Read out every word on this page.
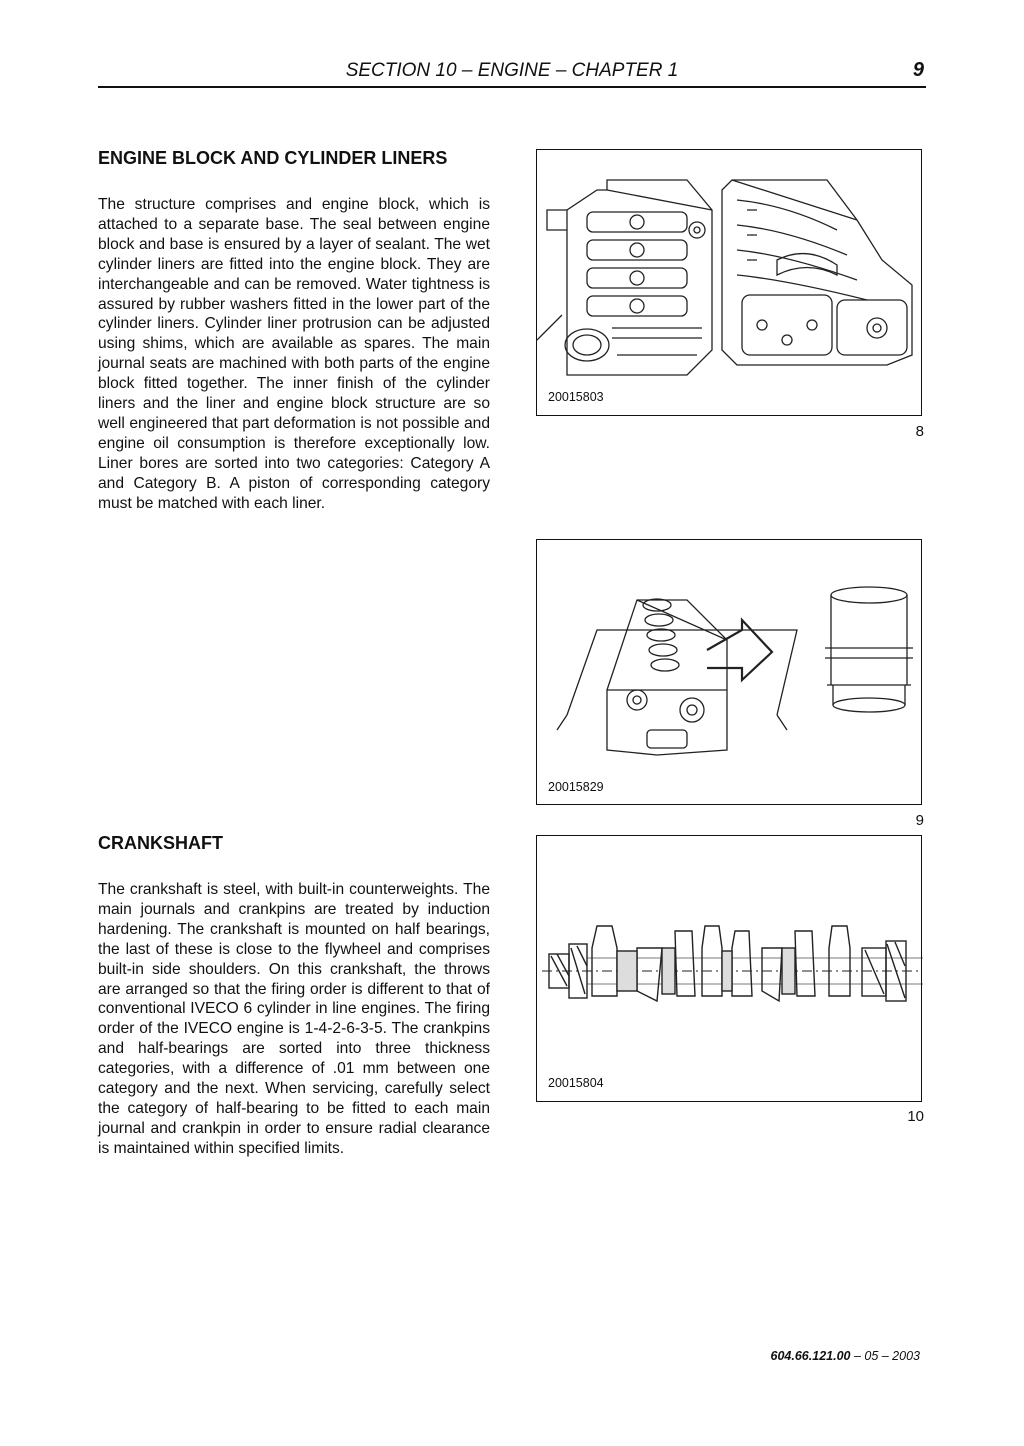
SECTION 10 – ENGINE – CHAPTER 1	9
ENGINE BLOCK AND CYLINDER LINERS

The structure comprises and engine block, which is attached to a separate base. The seal between engine block and base is ensured by a layer of sealant. The wet cylinder liners are fitted into the engine block. They are interchangeable and can be removed. Water tightness is assured by rubber washers fitted in the lower part of the cylinder liners. Cylinder liner protrusion can be adjusted using shims, which are available as spares. The main journal seats are machined with both parts of the engine block fitted together. The inner finish of the cylinder liners and the liner and engine block structure are so well engineered that part deformation is not possible and engine oil consumption is therefore exceptionally low. Liner bores are sorted into two categories: Category A and Category B. A piston of corresponding category must be matched with each liner.

CRANKSHAFT

The crankshaft is steel, with built-in counterweights. The main journals and crankpins are treated by induction hardening. The crankshaft is mounted on half bearings, the last of these is close to the flywheel and comprises built-in side shoulders. On this crankshaft, the throws are arranged so that the firing order is different to that of conventional IVECO 6 cylinder in line engines. The firing order of the IVECO engine is 1-4-2-6-3-5. The crankpins and half-bearings are sorted into three thickness categories, with a difference of .01 mm between one category and the next. When servicing, carefully select the category of half-bearing to be fitted to each main journal and crankpin in order to ensure radial clearance is maintained within specified limits.

20015803
8
20015829
9
20015804
10
604.66.121.00 – 05 – 2003
